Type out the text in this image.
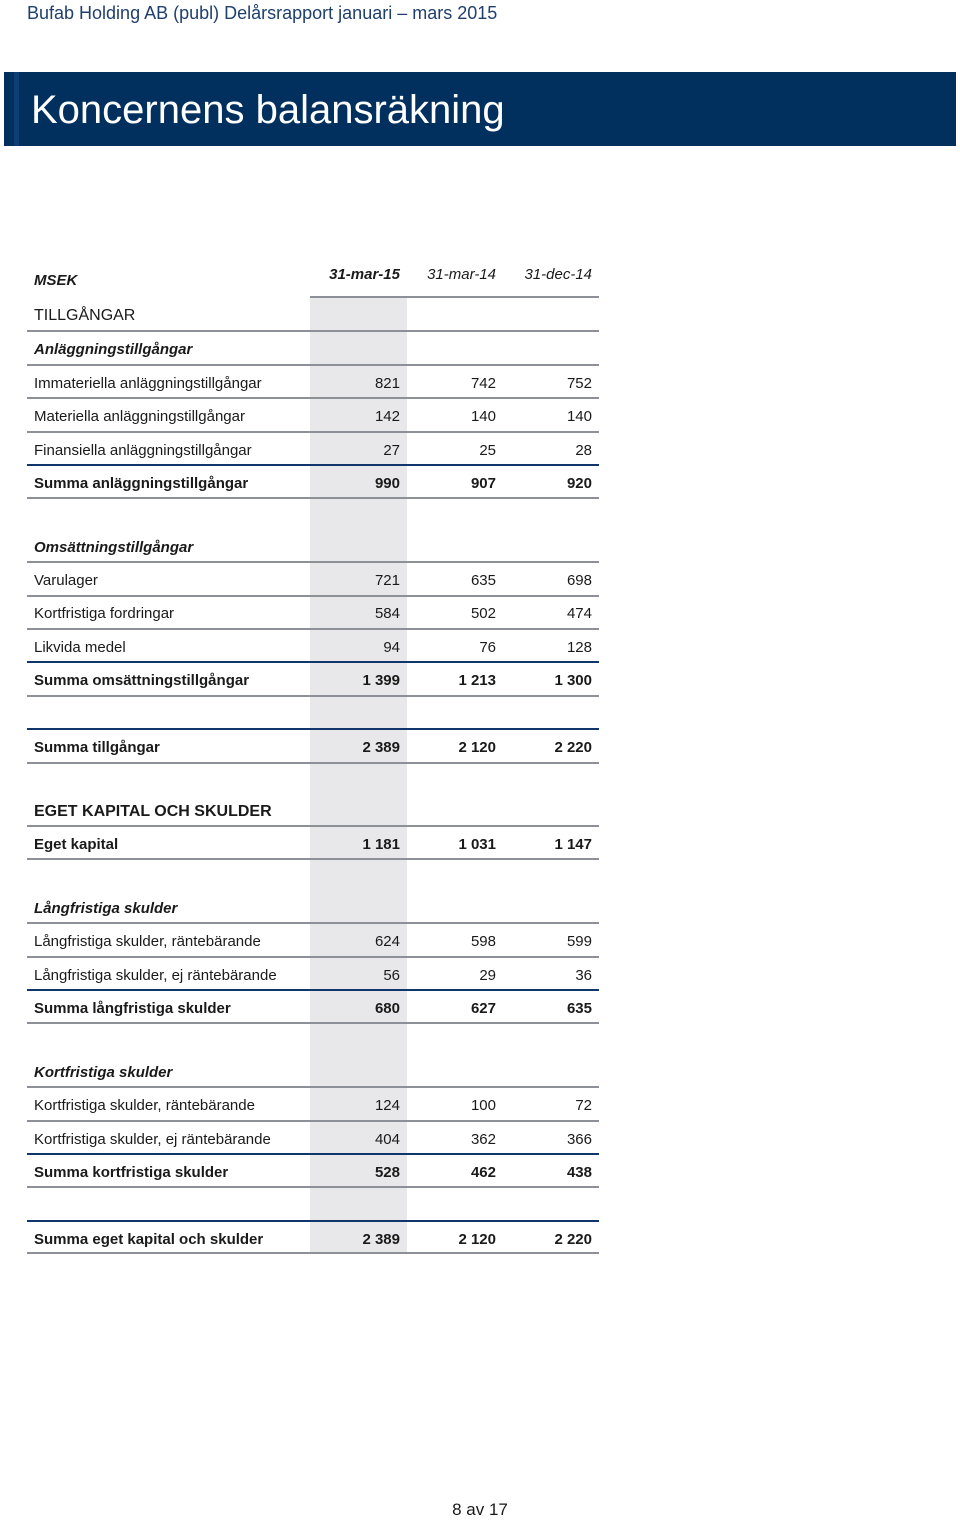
Bufab Holding AB (publ) Delårsrapport januari – mars 2015
Koncernens balansräkning
MSEK	31-mar-15	31-mar-14	31-dec-14
TILLGÅNGAR
Anläggningstillgångar
Immateriella anläggningstillgångar	821	742	752
Materiella anläggningstillgångar	142	140	140
Finansiella anläggningstillgångar	27	25	28
Summa anläggningstillgångar	990	907	920
Omsättningstillgångar
Varulager	721	635	698
Kortfristiga fordringar	584	502	474
Likvida medel	94	76	128
Summa omsättningstillgångar	1 399	1 213	1 300
Summa tillgångar	2 389	2 120	2 220
EGET KAPITAL OCH SKULDER
Eget kapital	1 181	1 031	1 147
Långfristiga skulder
Långfristiga skulder, räntebärande	624	598	599
Långfristiga skulder, ej räntebärande	56	29	36
Summa långfristiga skulder	680	627	635
Kortfristiga skulder
Kortfristiga skulder, räntebärande	124	100	72
Kortfristiga skulder, ej räntebärande	404	362	366
Summa kortfristiga skulder	528	462	438
Summa eget kapital och skulder	2 389	2 120	2 220
8 av 17
